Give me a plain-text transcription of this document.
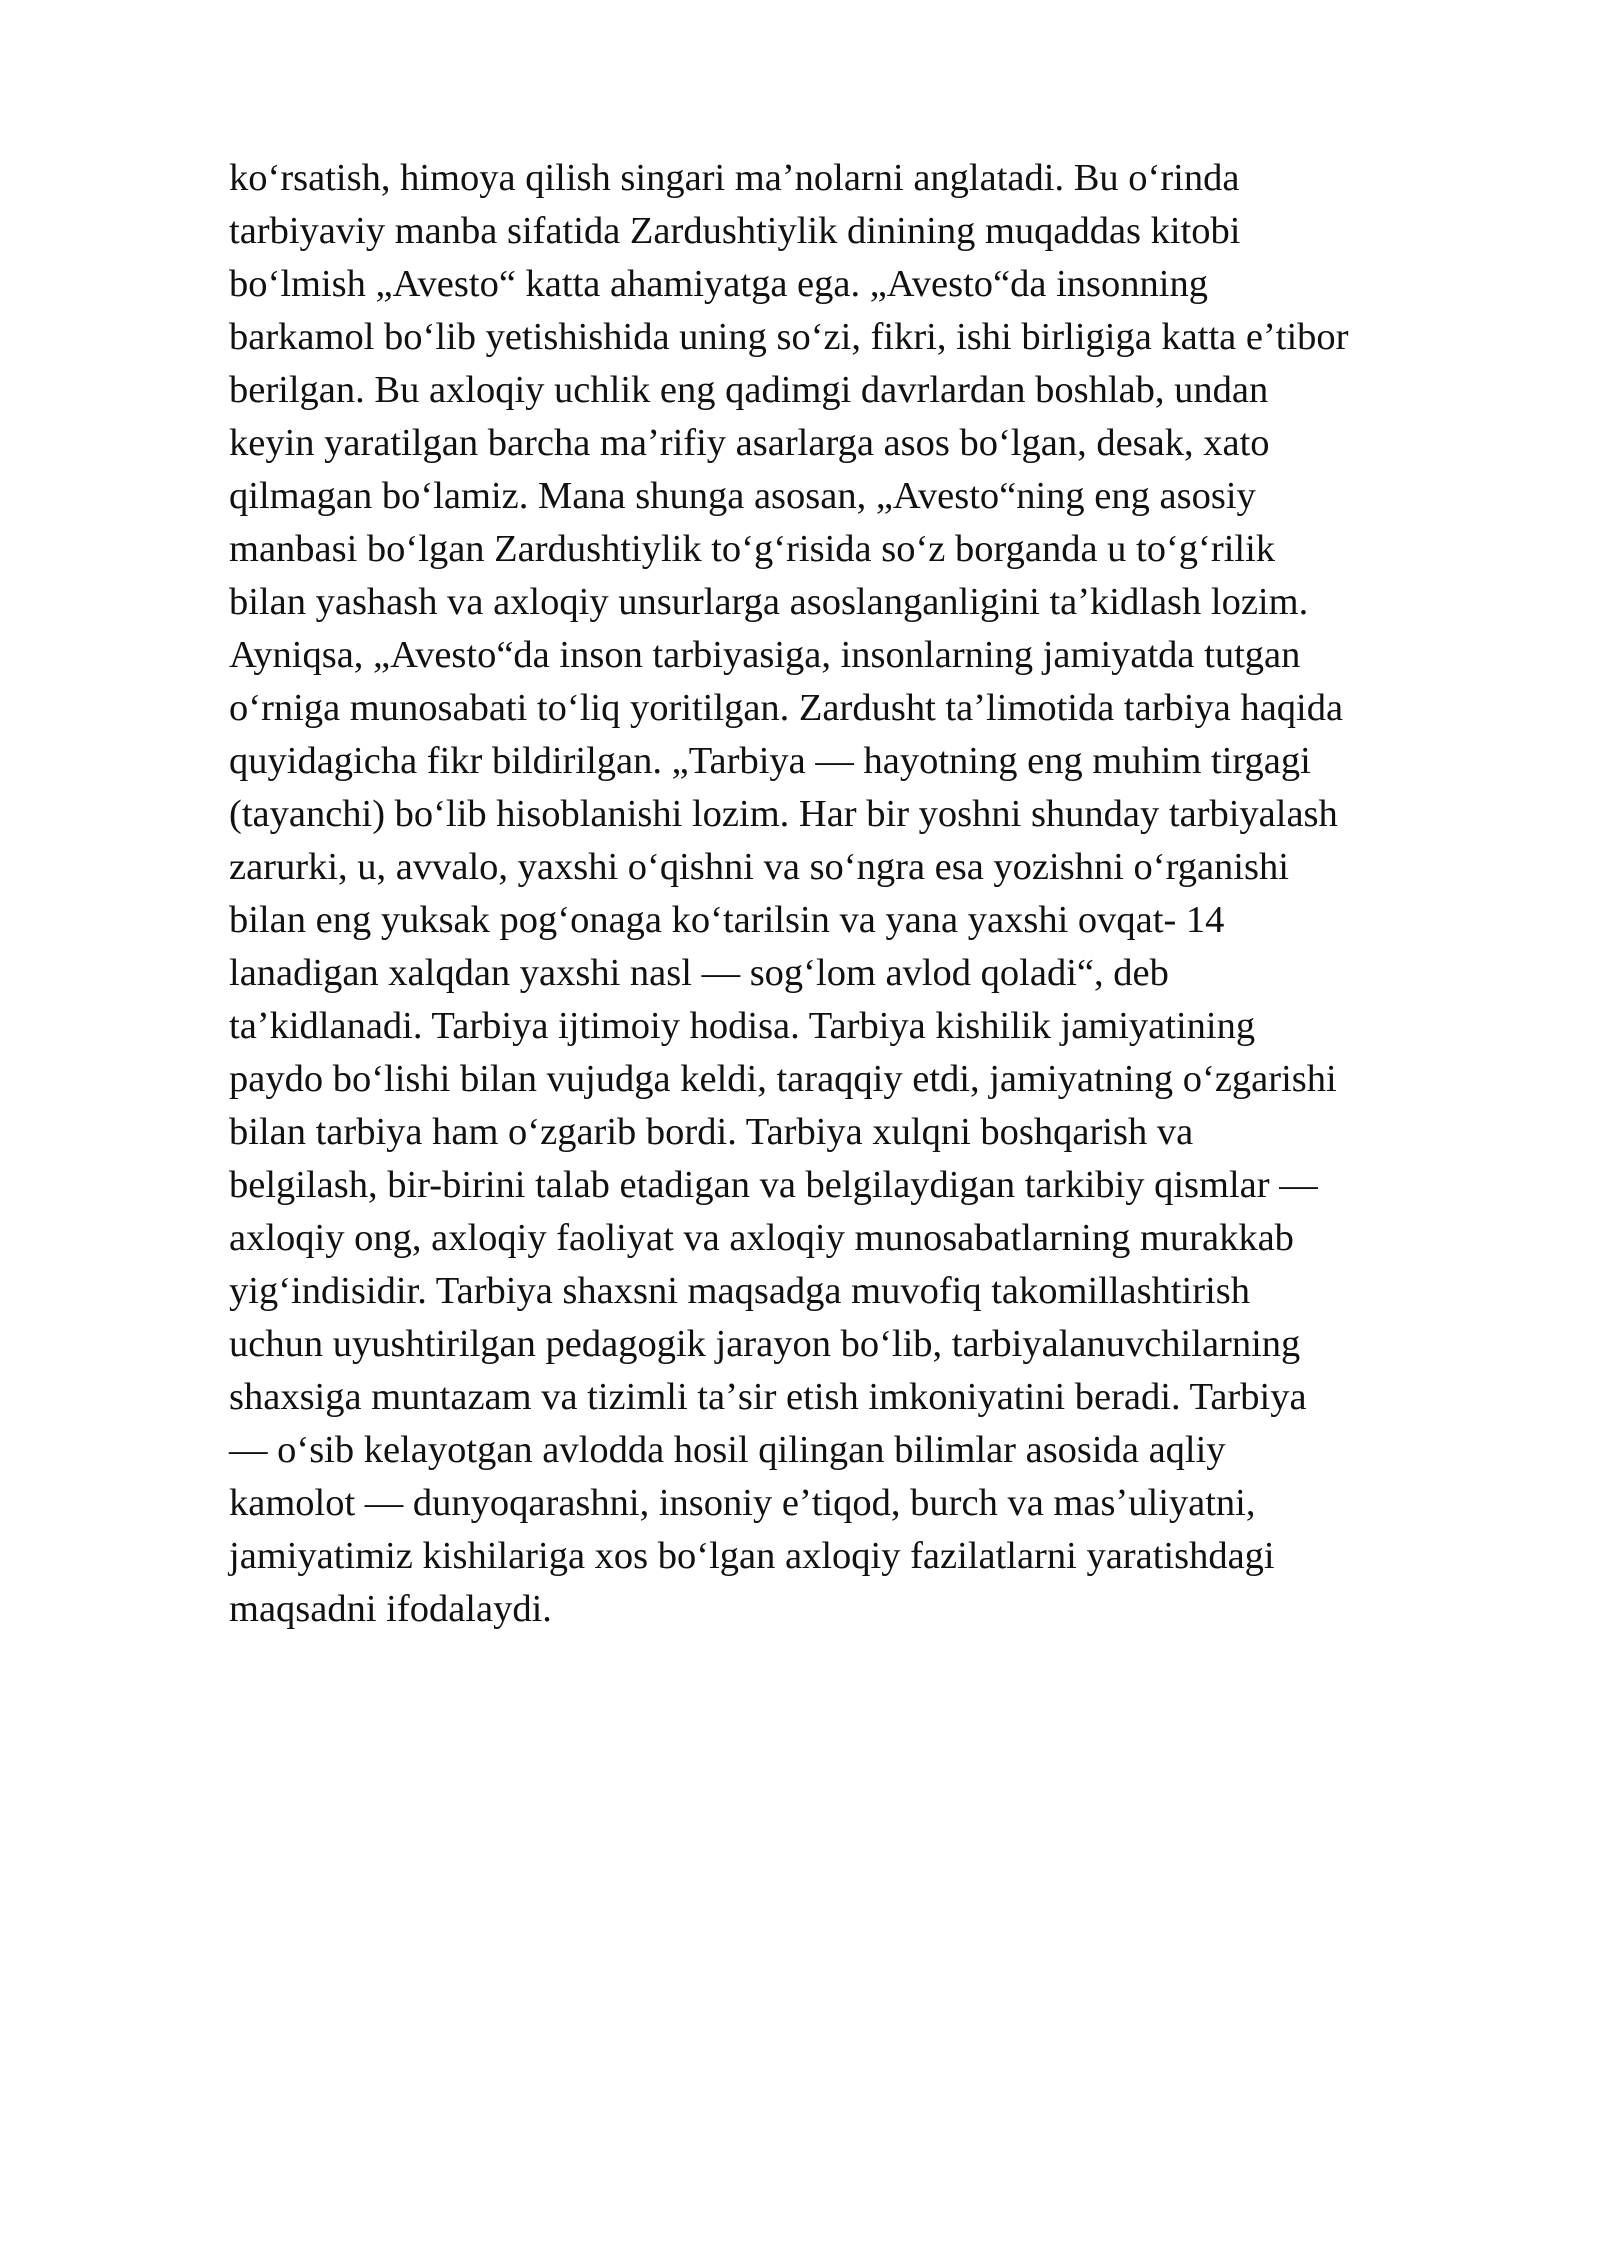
koʻrsatish, himoya qilish singari maʼnolarni anglatadi. Bu oʻrinda
tarbiyaviy manba sifatida Zardushtiylik dinining muqaddas kitobi
boʻlmish „Avesto“ katta ahamiyatga ega. „Avesto“da insonning
barkamol boʻlib yetishishida uning soʻzi, fikri, ishi birligiga katta eʼtibor
berilgan. Bu axloqiy uchlik eng qadimgi davrlardan boshlab, undan
keyin yaratilgan barcha maʼrifiy asarlarga asos boʻlgan, desak, xato
qilmagan boʻlamiz. Mana shunga asosan, „Avesto“ning eng asosiy
manbasi boʻlgan Zardushtiylik toʻgʻrisida soʻz borganda u toʻgʻrilik
bilan yashash va axloqiy unsurlarga asoslanganligini taʼkidlash lozim.
Ayniqsa, „Avesto“da inson tarbiyasiga, insonlarning jamiyatda tutgan
oʻrniga munosabati toʻliq yoritilgan. Zardusht taʼlimotida tarbiya haqida
quyidagicha fikr bildirilgan. „Tarbiya — hayotning eng muhim tirgagi
(tayanchi) boʻlib hisoblanishi lozim. Har bir yoshni shunday tarbiyalash
zarurki, u, avvalo, yaxshi oʻqishni va soʻngra esa yozishni oʻrganishi
bilan eng yuksak pogʻonaga koʻtarilsin va yana yaxshi ovqat- 14
lanadigan xalqdan yaxshi nasl — sogʻlom avlod qoladi“, deb
taʼkidlanadi. Tarbiya ijtimoiy hodisa. Tarbiya kishilik jamiyatining
paydo boʻlishi bilan vujudga keldi, taraqqiy etdi, jamiyatning oʻzgarishi
bilan tarbiya ham oʻzgarib bordi. Tarbiya xulqni boshqarish va
belgilash, bir-birini talab etadigan va belgilaydigan tarkibiy qismlar —
axloqiy ong, axloqiy faoliyat va axloqiy munosabatlarning murakkab
yigʻindisidir. Tarbiya shaxsni maqsadga muvofiq takomillashtirish
uchun uyushtirilgan pedagogik jarayon boʻlib, tarbiyalanuvchilarning
shaxsiga muntazam va tizimli taʼsir etish imkoniyatini beradi. Tarbiya
— oʻsib kelayotgan avlodda hosil qilingan bilimlar asosida aqliy
kamolot — dunyoqarashni, insoniy eʼtiqod, burch va masʼuliyatni,
jamiyatimiz kishilariga xos boʻlgan axloqiy fazilatlarni yaratishdagi
maqsadni ifodalaydi.
